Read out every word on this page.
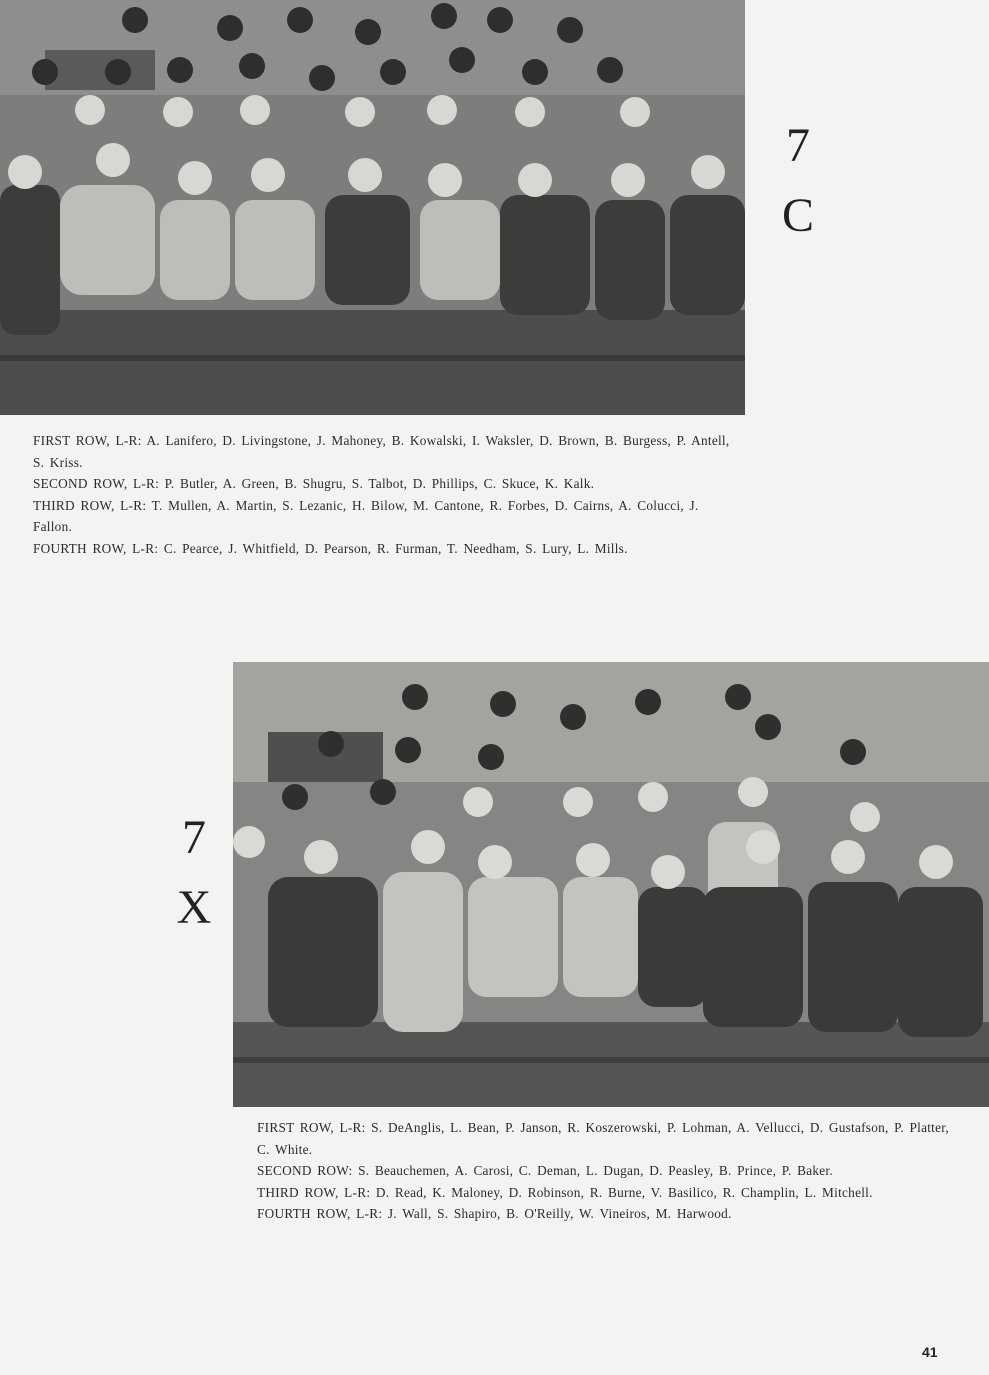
7
C

FIRST ROW, L-R: A. Lanifero, D. Livingstone, J. Mahoney, B. Kowalski, I. Waksler, D. Brown, B. Burgess, P. Antell, S. Kriss.

SECOND ROW, L-R: P. Butler, A. Green, B. Shugru, S. Talbot, D. Phillips, C. Skuce, K. Kalk.

THIRD ROW, L-R: T. Mullen, A. Martin, S. Lezanic, H. Bilow, M. Cantone, R. Forbes, D. Cairns, A. Colucci, J. Fallon.

FOURTH ROW, L-R: C. Pearce, J. Whitfield, D. Pearson, R. Furman, T. Needham, S. Lury, L. Mills.

7
X

FIRST ROW, L-R: S. DeAnglis, L. Bean, P. Janson, R. Koszerowski, P. Lohman, A. Vellucci, D. Gustafson, P. Platter, C. White.

SECOND ROW: S. Beauchemen, A. Carosi, C. Deman, L. Dugan, D. Peasley, B. Prince, P. Baker.

THIRD ROW, L-R: D. Read, K. Maloney, D. Robinson, R. Burne, V. Basilico, R. Champlin, L. Mitchell.

FOURTH ROW, L-R: J. Wall, S. Shapiro, B. O'Reilly, W. Vineiros, M. Harwood.

41
